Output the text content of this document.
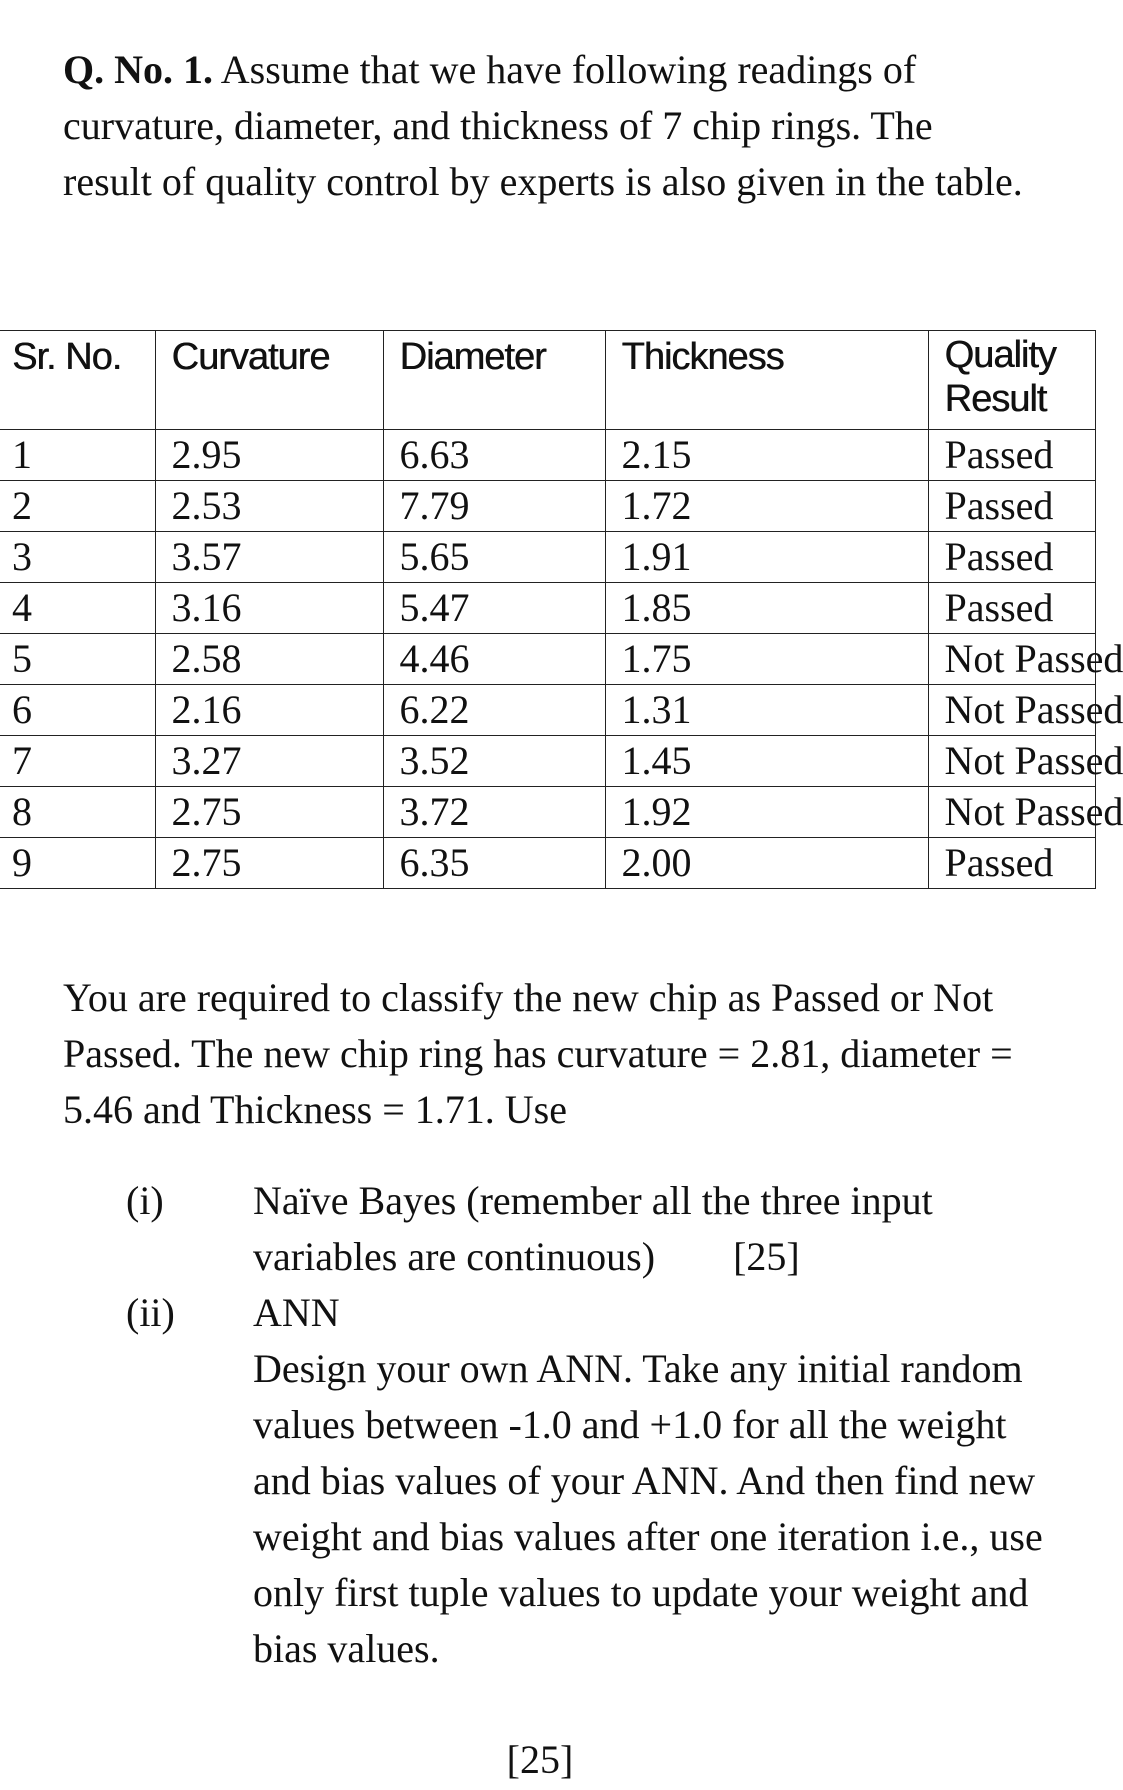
Q. No. 1. Assume that we have following readings of curvature, diameter, and thickness of 7 chip rings. The result of quality control by experts is also given in the table.
Sr. No.	Curvature	Diameter	Thickness	Quality Result
1	2.95	6.63	2.15	Passed
2	2.53	7.79	1.72	Passed
3	3.57	5.65	1.91	Passed
4	3.16	5.47	1.85	Passed
5	2.58	4.46	1.75	Not Passed
6	2.16	6.22	1.31	Not Passed
7	3.27	3.52	1.45	Not Passed
8	2.75	3.72	1.92	Not Passed
9	2.75	6.35	2.00	Passed
You are required to classify the new chip as Passed or Not Passed. The new chip ring has curvature = 2.81, diameter = 5.46 and Thickness = 1.71. Use
(i) Naïve Bayes (remember all the three input variables are continuous) [25]
(ii) ANN
Design your own ANN. Take any initial random values between -1.0 and +1.0 for all the weight and bias values of your ANN. And then find new weight and bias values after one iteration i.e., use only first tuple values to update your weight and bias values.
[25]
